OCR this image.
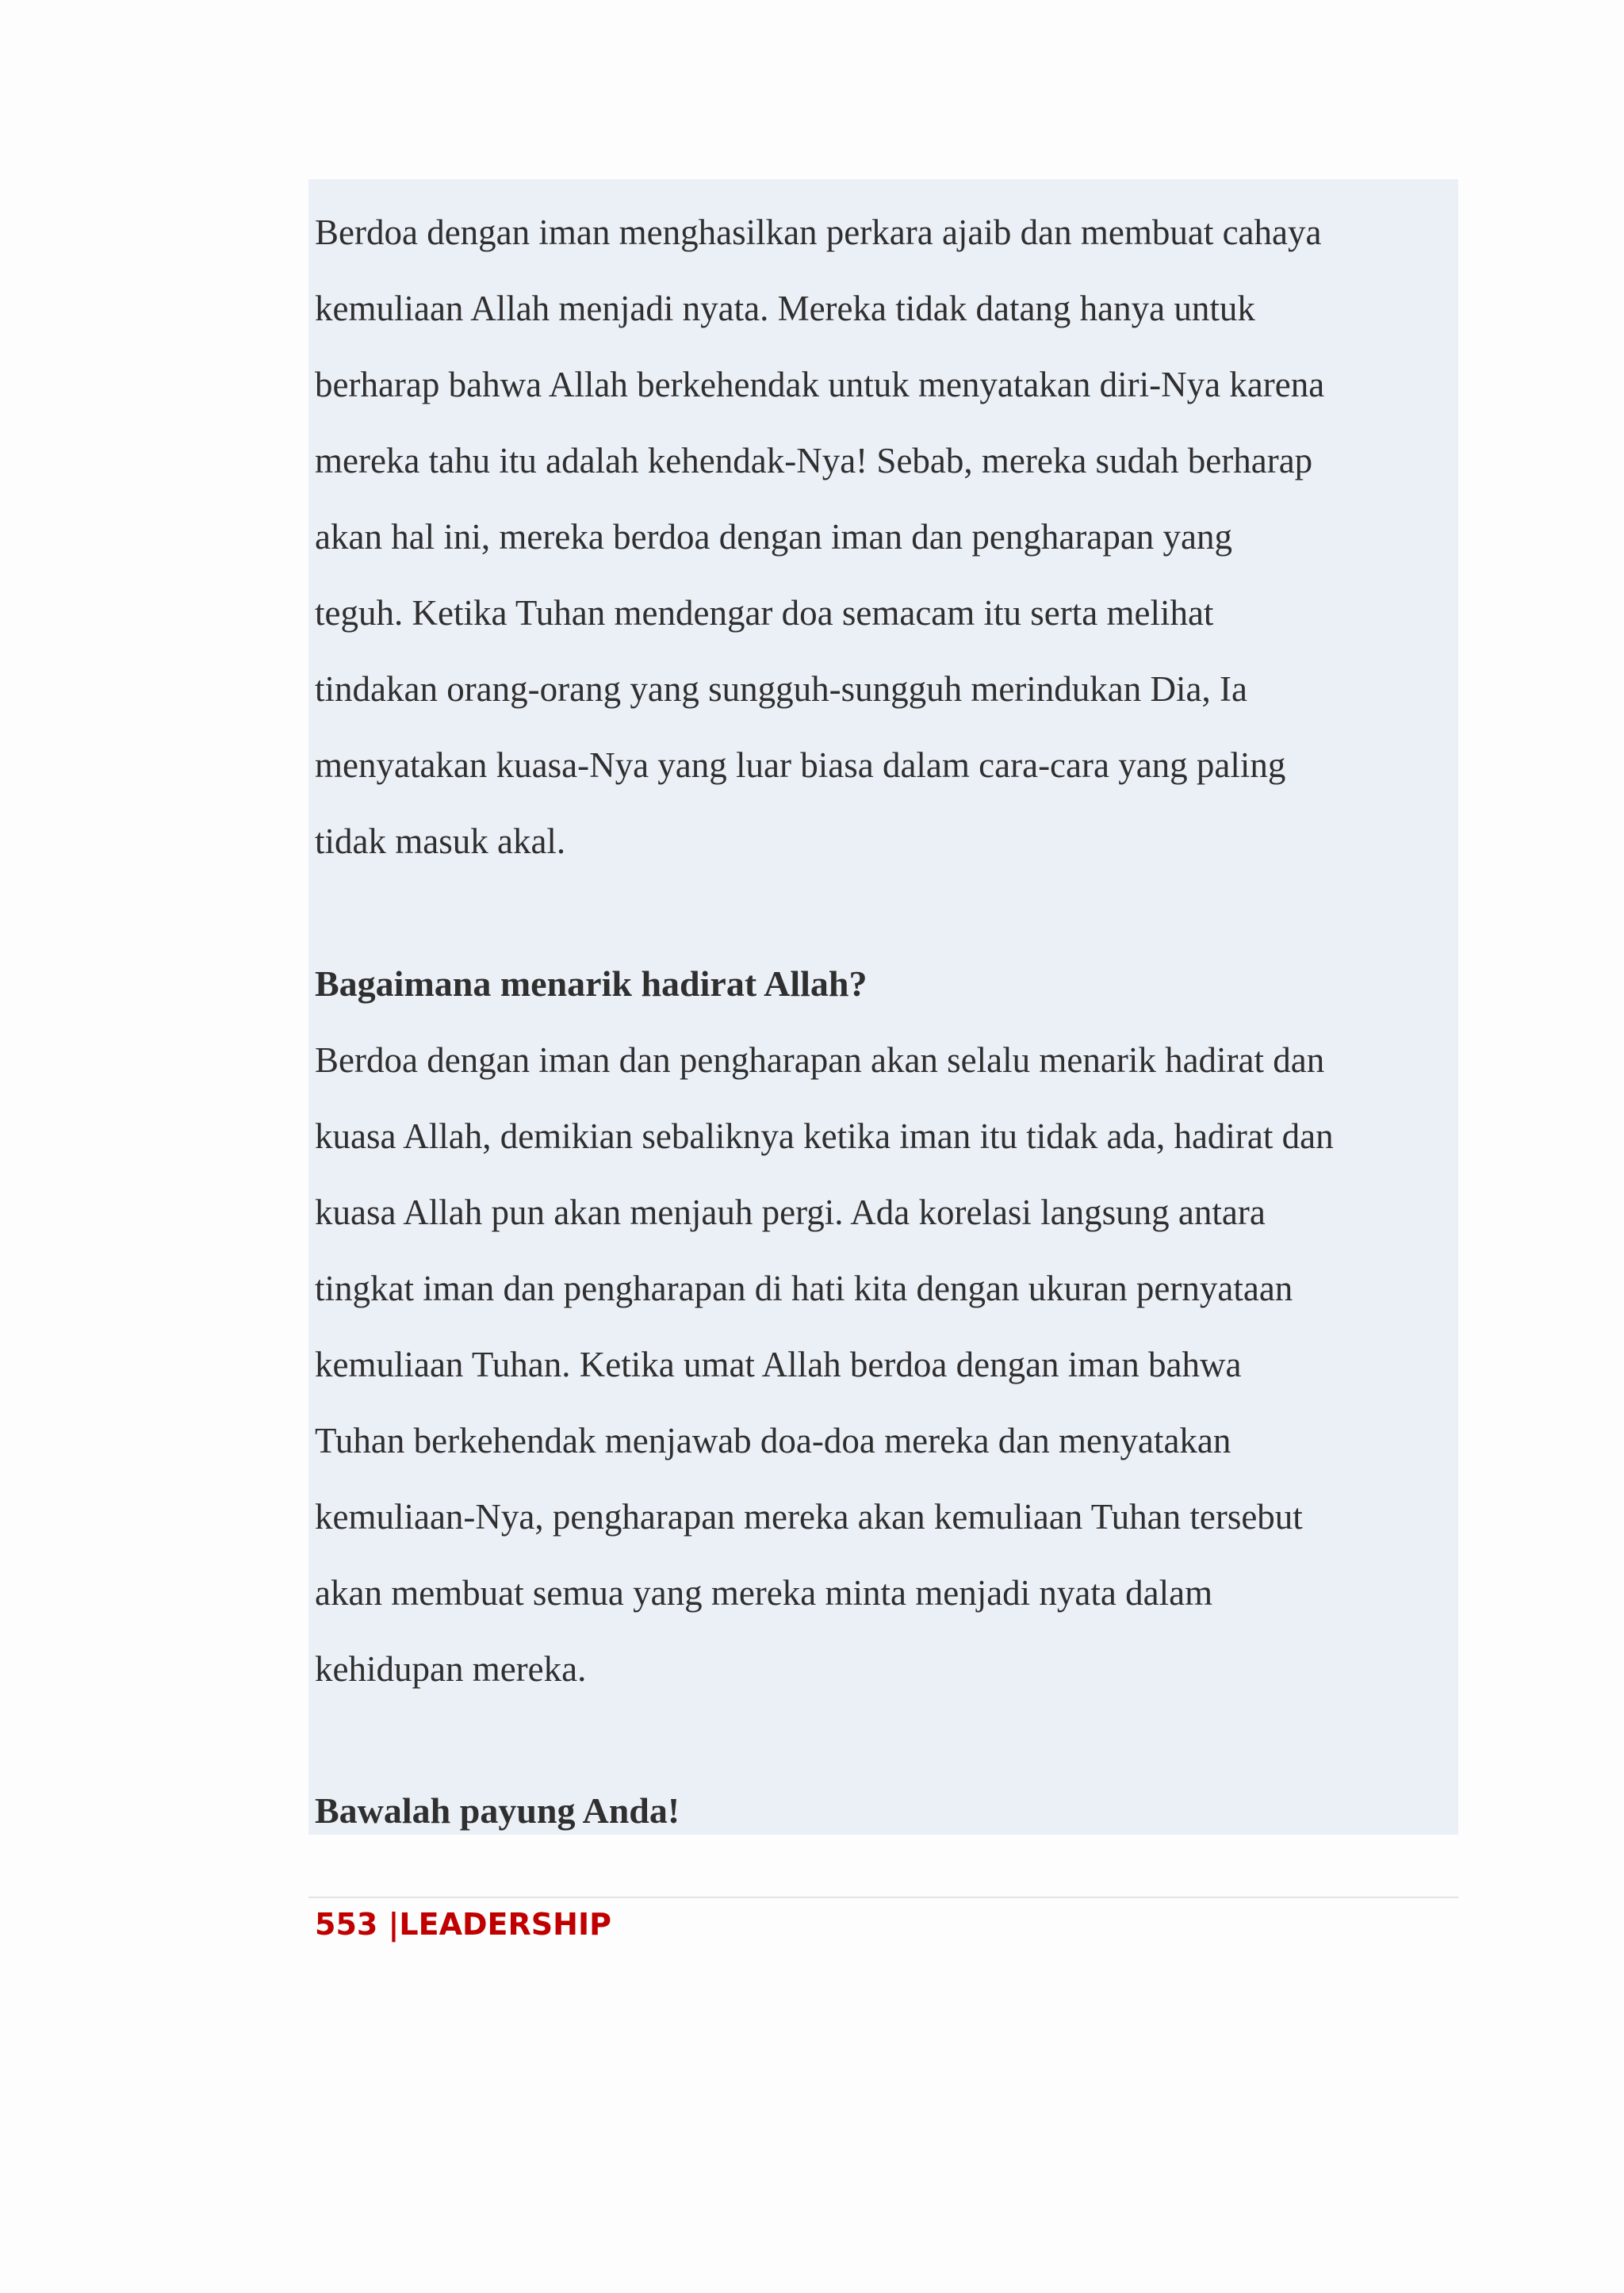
Berdoa dengan iman menghasilkan perkara ajaib dan membuat cahaya
kemuliaan Allah menjadi nyata. Mereka tidak datang hanya untuk
berharap bahwa Allah berkehendak untuk menyatakan diri-Nya karena
mereka tahu itu adalah kehendak-Nya! Sebab, mereka sudah berharap
akan hal ini, mereka berdoa dengan iman dan pengharapan yang
teguh. Ketika Tuhan mendengar doa semacam itu serta melihat
tindakan orang-orang yang sungguh-sungguh merindukan Dia, Ia
menyatakan kuasa-Nya yang luar biasa dalam cara-cara yang paling
tidak masuk akal.
Bagaimana menarik hadirat Allah?
Berdoa dengan iman dan pengharapan akan selalu menarik hadirat dan
kuasa Allah, demikian sebaliknya ketika iman itu tidak ada, hadirat dan
kuasa Allah pun akan menjauh pergi. Ada korelasi langsung antara
tingkat iman dan pengharapan di hati kita dengan ukuran pernyataan
kemuliaan Tuhan. Ketika umat Allah berdoa dengan iman bahwa
Tuhan berkehendak menjawab doa-doa mereka dan menyatakan
kemuliaan-Nya, pengharapan mereka akan kemuliaan Tuhan tersebut
akan membuat semua yang mereka minta menjadi nyata dalam
kehidupan mereka.
Bawalah payung Anda!
553 |LEADERSHIP
